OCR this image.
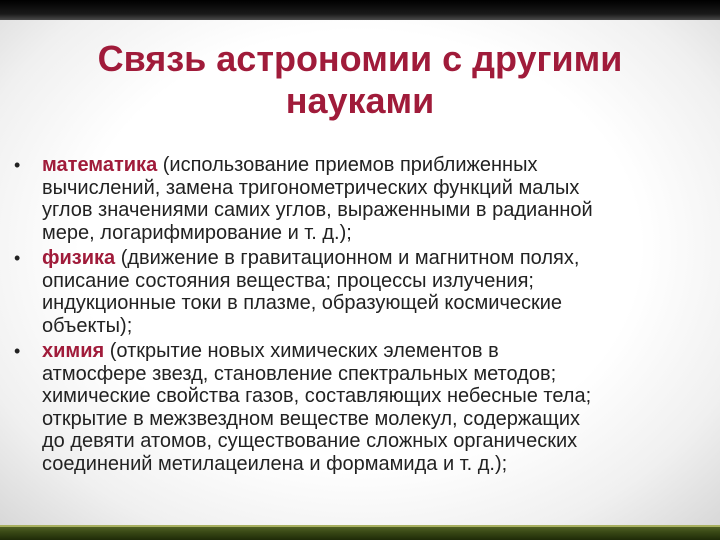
Связь астрономии с другими
науками
• математика (использование приемов приближенных
вычислений, замена тригонометрических функций малых
углов значениями самих углов, выраженными в радианной
мере, логарифмирование и т. д.);
• физика (движение в гравитационном и магнитном полях,
описание состояния вещества; процессы излучения;
индукционные токи в плазме, образующей космические
объекты);
• химия (открытие новых химических элементов в
атмосфере звезд, становление спектральных методов;
химические свойства газов, составляющих небесные тела;
открытие в межзвездном веществе молекул, содержащих
до девяти атомов, существование сложных органических
соединений метилацеилена и формамида и т. д.);
